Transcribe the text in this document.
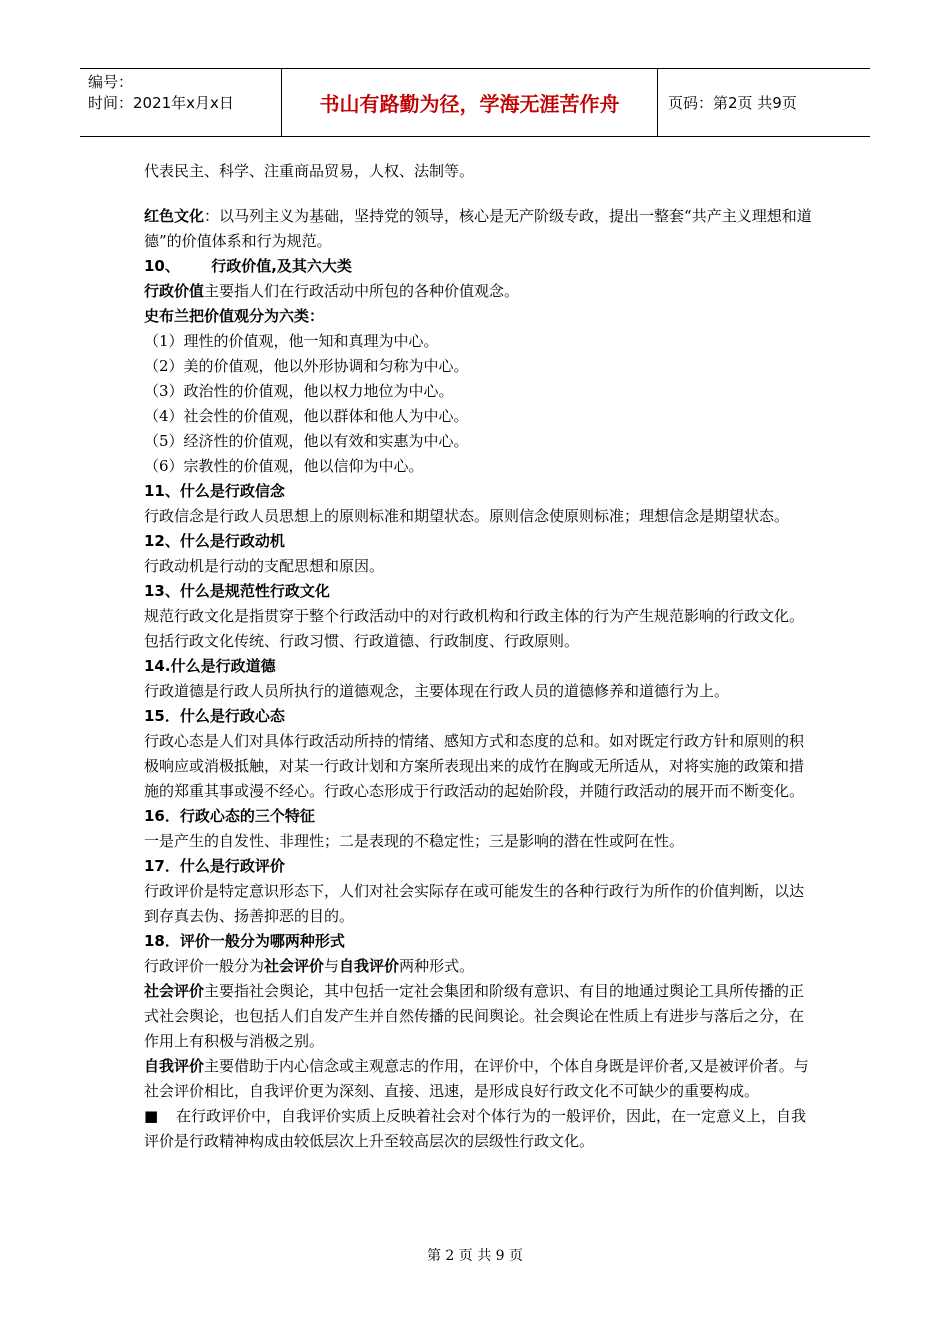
编号：
时间：2021年x月x日	书山有路勤为径，学海无涯苦作舟	页码：第2页 共9页

代表民主、科学、注重商品贸易，人权、法制等。

红色文化：以马列主义为基础，坚持党的领导，核心是无产阶级专政，提出一整套“共产主义理想和道德”的价值体系和行为规范。

10、      行政价值,及其六大类

行政价值主要指人们在行政活动中所包的各种价值观念。

史布兰把价值观分为六类：

（1）理性的价值观，他一知和真理为中心。

（2）美的价值观，他以外形协调和匀称为中心。

（3）政治性的价值观，他以权力地位为中心。

（4）社会性的价值观，他以群体和他人为中心。

（5）经济性的价值观，他以有效和实惠为中心。

（6）宗教性的价值观，他以信仰为中心。

11、什么是行政信念

行政信念是行政人员思想上的原则标准和期望状态。原则信念使原则标准；理想信念是期望状态。

12、什么是行政动机

行政动机是行动的支配思想和原因。

13、什么是规范性行政文化

规范行政文化是指贯穿于整个行政活动中的对行政机构和行政主体的行为产生规范影响的行政文化。包括行政文化传统、行政习惯、行政道德、行政制度、行政原则。

14.什么是行政道德

行政道德是行政人员所执行的道德观念，主要体现在行政人员的道德修养和道德行为上。

15．什么是行政心态

行政心态是人们对具体行政活动所持的情绪、感知方式和态度的总和。如对既定行政方针和原则的积极响应或消极抵触，对某一行政计划和方案所表现出来的成竹在胸或无所适从，对将实施的政策和措施的郑重其事或漫不经心。行政心态形成于行政活动的起始阶段，并随行政活动的展开而不断变化。

16．行政心态的三个特征

一是产生的自发性、非理性；二是表现的不稳定性；三是影响的潜在性或阿在性。

17．什么是行政评价

行政评价是特定意识形态下，人们对社会实际存在或可能发生的各种行政行为所作的价值判断，以达到存真去伪、扬善抑恶的目的。

18．评价一般分为哪两种形式

行政评价一般分为社会评价与自我评价两种形式。

社会评价主要指社会舆论，其中包括一定社会集团和阶级有意识、有目的地通过舆论工具所传播的正式社会舆论，也包括人们自发产生并自然传播的民间舆论。社会舆论在性质上有进步与落后之分，在作用上有积极与消极之别。

自我评价主要借助于内心信念或主观意志的作用，在评价中，个体自身既是评价者,又是被评价者。与社会评价相比，自我评价更为深刻、直接、迅速，是形成良好行政文化不可缺少的重要构成。

■ 在行政评价中，自我评价实质上反映着社会对个体行为的一般评价，因此，在一定意义上，自我评价是行政精神构成由较低层次上升至较高层次的层级性行政文化。

第 2 页 共 9 页
